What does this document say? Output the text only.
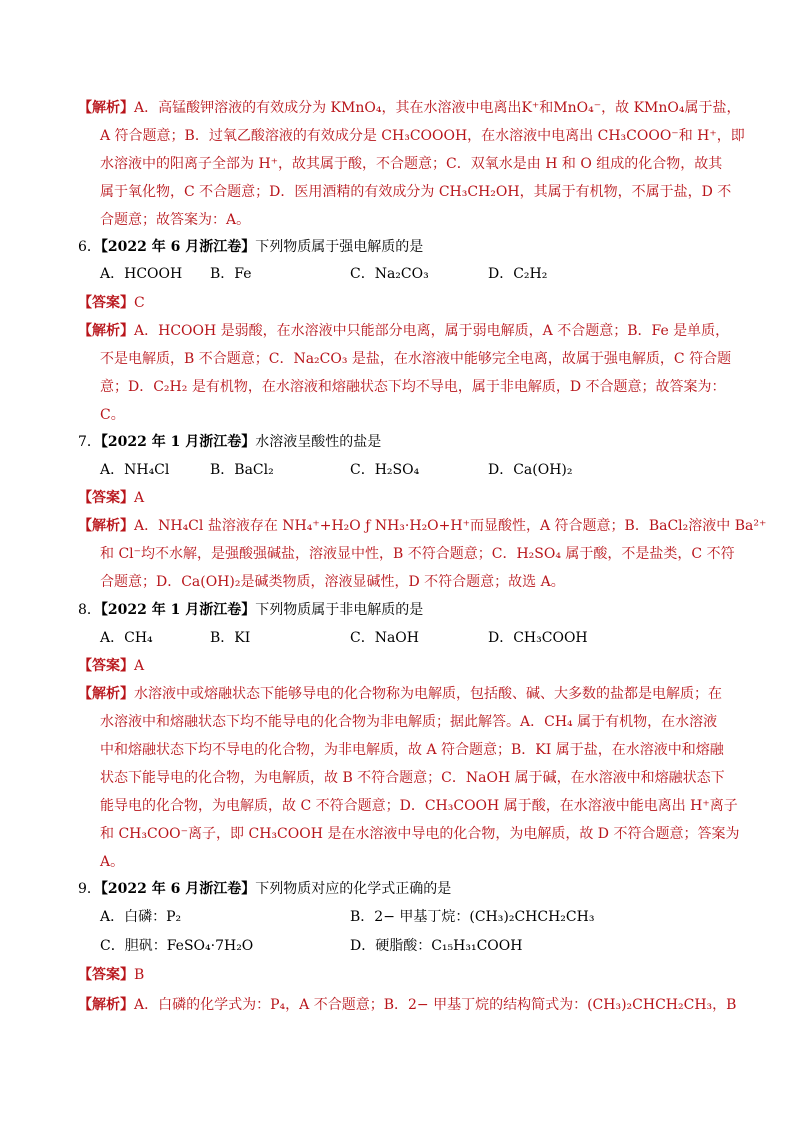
【解析】A．高锰酸钾溶液的有效成分为 KMnO₄，其在水溶液中电离出K⁺和MnO₄⁻，故 KMnO₄属于盐，
A 符合题意；B．过氧乙酸溶液的有效成分是 CH₃COOOH，在水溶液中电离出 CH₃COOO⁻和 H⁺，即
水溶液中的阳离子全部为 H⁺，故其属于酸，不合题意；C．双氧水是由 H 和 O 组成的化合物，故其
属于氧化物，C 不合题意；D．医用酒精的有效成分为 CH₃CH₂OH，其属于有机物，不属于盐，D 不
合题意；故答案为：A。
6．【2022 年 6 月浙江卷】下列物质属于强电解质的是
A．HCOOH B．Fe	C．Na₂CO₃	D．C₂H₂
【答案】C
【解析】A．HCOOH 是弱酸，在水溶液中只能部分电离，属于弱电解质，A 不合题意；B．Fe 是单质，
不是电解质，B 不合题意；C．Na₂CO₃ 是盐，在水溶液中能够完全电离，故属于强电解质，C 符合题
意；D．C₂H₂ 是有机物，在水溶液和熔融状态下均不导电，属于非电解质，D 不合题意；故答案为：
C。
7．【2022 年 1 月浙江卷】水溶液呈酸性的盐是
A．NH₄Cl	B．BaCl₂	C．H₂SO₄	D．Ca(OH)₂
【答案】A
【解析】A．NH₄Cl 盐溶液存在 NH₄⁺+H₂O ƒ NH₃·H₂O+H⁺而显酸性，A 符合题意；B．BaCl₂溶液中 Ba²⁺
和 Cl⁻均不水解，是强酸强碱盐，溶液显中性，B 不符合题意；C．H₂SO₄ 属于酸，不是盐类，C 不符
合题意；D．Ca(OH)₂是碱类物质，溶液显碱性，D 不符合题意；故选 A。
8．【2022 年 1 月浙江卷】下列物质属于非电解质的是
A．CH₄	B．KI	C．NaOH	D．CH₃COOH
【答案】A
【解析】水溶液中或熔融状态下能够导电的化合物称为电解质，包括酸、碱、大多数的盐都是电解质；在
水溶液中和熔融状态下均不能导电的化合物为非电解质；据此解答。A．CH₄ 属于有机物，在水溶液
中和熔融状态下均不导电的化合物，为非电解质，故 A 符合题意；B．KI 属于盐，在水溶液中和熔融
状态下能导电的化合物，为电解质，故 B 不符合题意；C．NaOH 属于碱，在水溶液中和熔融状态下
能导电的化合物，为电解质，故 C 不符合题意；D．CH₃COOH 属于酸，在水溶液中能电离出 H⁺离子
和 CH₃COO⁻离子，即 CH₃COOH 是在水溶液中导电的化合物，为电解质，故 D 不符合题意；答案为
A。
9．【2022 年 6 月浙江卷】下列物质对应的化学式正确的是
A．白磷：P₂	B．2− 甲基丁烷：(CH₃)₂CHCH₂CH₃
C．胆矾：FeSO₄·7H₂O	D．硬脂酸：C₁₅H₃₁COOH
【答案】B
【解析】A．白磷的化学式为：P₄，A 不合题意；B．2− 甲基丁烷的结构简式为：(CH₃)₂CHCH₂CH₃，B
